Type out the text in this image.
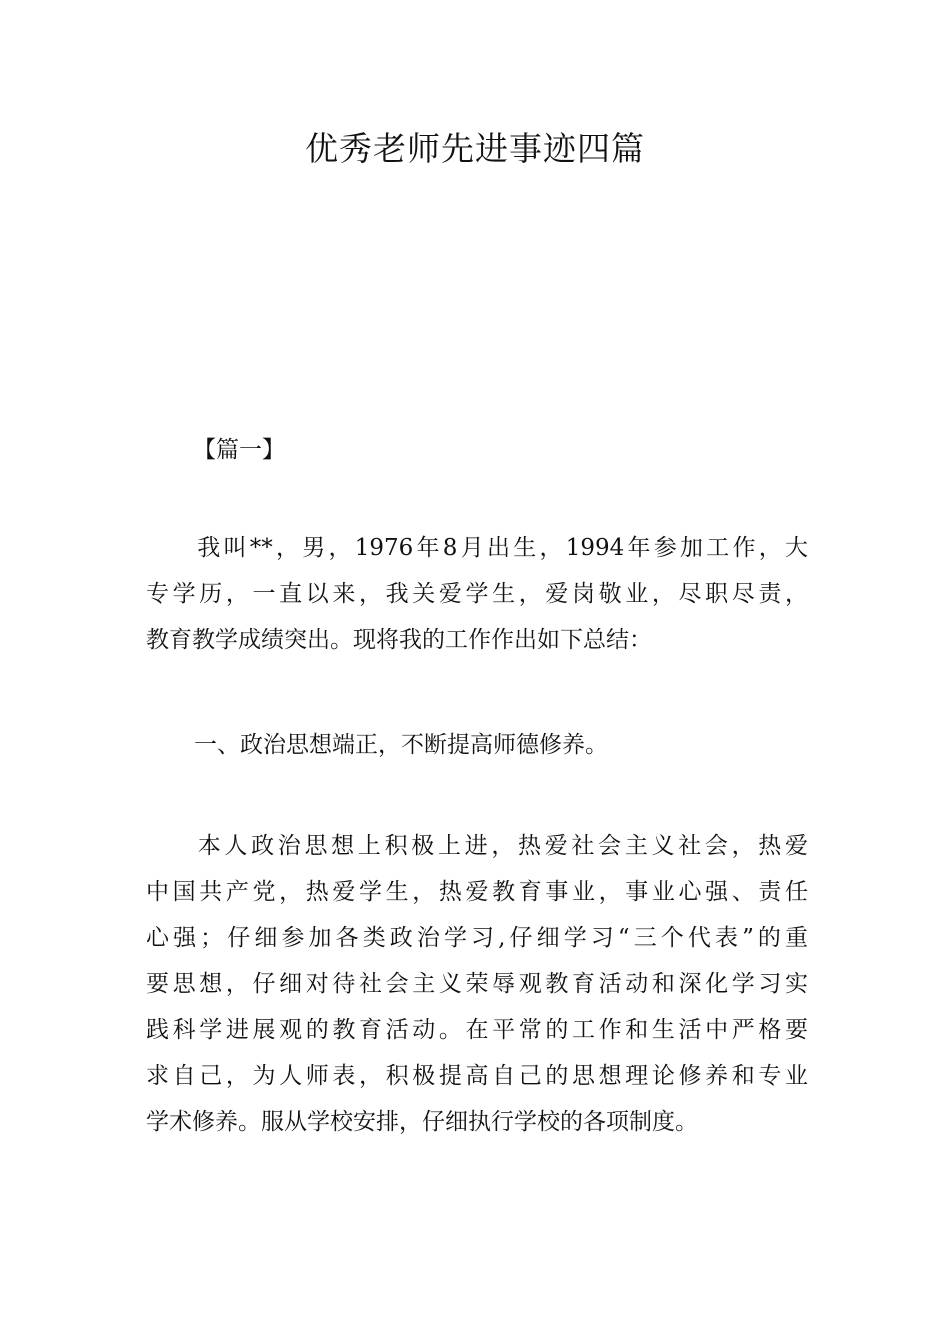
优秀老师先进事迹四篇

【篇一】

我叫**，男，1976年8月出生，1994年参加工作，大
专学历，一直以来，我关爱学生，爱岗敬业，尽职尽责，
教育教学成绩突出。现将我的工作作出如下总结：
一、政治思想端正，不断提高师德修养。
本人政治思想上积极上进，热爱社会主义社会，热爱
中国共产党，热爱学生，热爱教育事业，事业心强、责任
心强；仔细参加各类政治学习,仔细学习“三个代表”的重
要思想，仔细对待社会主义荣辱观教育活动和深化学习实
践科学进展观的教育活动。在平常的工作和生活中严格要
求自己，为人师表，积极提高自己的思想理论修养和专业
学术修养。服从学校安排，仔细执行学校的各项制度。
